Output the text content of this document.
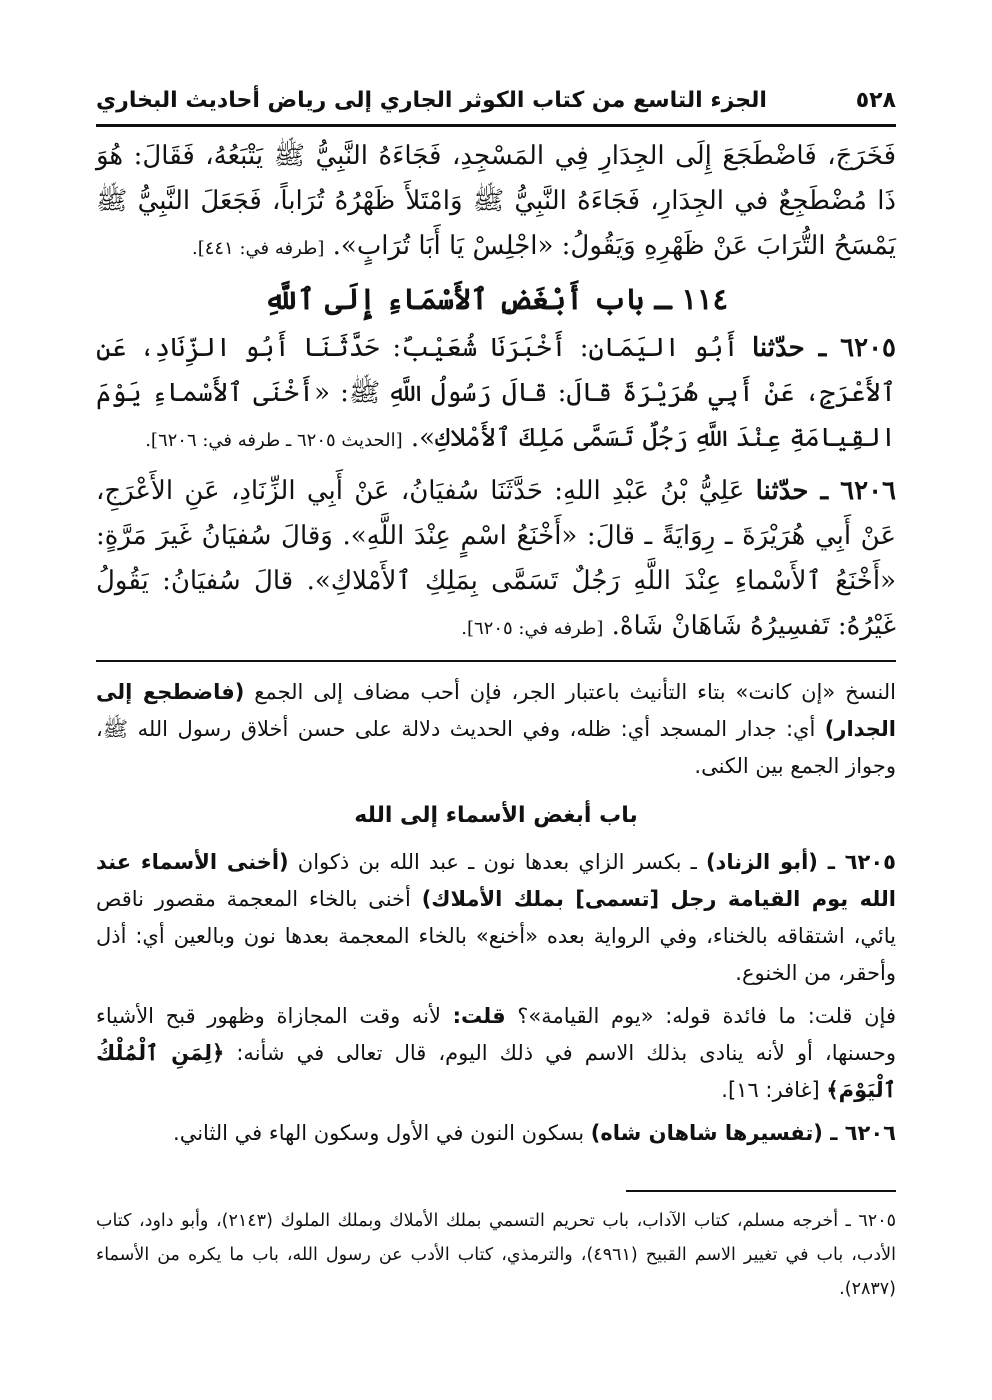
٥٢٨
الجزء التاسع من كتاب الكوثر الجاري إلى رياض أحاديث البخاري

فَخَرَجَ، فَاضْطَجَعَ إِلَى الجِدَارِ فِي المَسْجِدِ، فَجَاءَهُ النَّبِيُّ ﷺ يَتْبَعُهُ، فَقَالَ: هُوَ ذَا مُضْطَجِعٌ في الجِدَارِ، فَجَاءَهُ النَّبِيُّ ﷺ وَامْتَلأَ ظَهْرُهُ تُرَاباً، فَجَعَلَ النَّبِيُّ ﷺ يَمْسَحُ التُّرَابَ عَنْ ظَهْرِهِ وَيَقُولُ: «اجْلِسْ يَا أَبَا تُرَابٍ». [طرفه في: ٤٤١].

١١٤ ـ باب أَبْغَضِ ٱلأَسْمَاءِ إِلَى ٱللَّهِ

٦٢٠٥ ـ حدّثنا أَبُو اليَمَانِ: أَخْبَرَنَا شُعَيْبٌ: حَدَّثَنَا أَبُو الزِّنَادِ، عَنِ ٱلأَعْرَجِ، عَنْ أَبِي هُرَيْرَةَ قالَ: قالَ رَسُولُ اللَّهِ ﷺ: «أَخْنَى ٱلأَسْماءِ يَوْمَ القِيامَةِ عِنْدَ اللَّهِ رَجُلٌ تَسَمَّى مَلِكَ ٱلأَمْلاكِ». [الحديث ٦٢٠٥ ـ طرفه في: ٦٢٠٦].

٦٢٠٦ ـ حدّثنا عَلِيُّ بْنُ عَبْدِ اللهِ: حَدَّثَنَا سُفيَانُ، عَنْ أَبِي الزِّنَادِ، عَنِ الأَعْرَجِ، عَنْ أَبِي هُرَيْرَةَ ـ رِوَايَةً ـ قالَ: «أَخْنَعُ اسْمٍ عِنْدَ اللَّهِ». وَقالَ سُفيَانُ غَيرَ مَرَّةٍ: «أَخْنَعُ ٱلأَسْماءِ عِنْدَ اللَّهِ رَجُلٌ تَسَمَّى بِمَلِكِ ٱلأَمْلاكِ». قالَ سُفيَانُ: يَقُولُ غَيْرُهُ: تَفسِيرُهُ شَاهَانْ شَاهْ. [طرفه في: ٦٢٠٥].

النسخ «إن كانت» بتاء التأنيث باعتبار الجر، فإن أحب مضاف إلى الجمع (فاضطجع إلى الجدار) أي: جدار المسجد أي: ظله، وفي الحديث دلالة على حسن أخلاق رسول الله ﷺ، وجواز الجمع بين الكنى.

باب أبغض الأسماء إلى الله

٦٢٠٥ ـ (أبو الزناد) ـ بكسر الزاي بعدها نون ـ عبد الله بن ذكوان (أخنى الأسماء عند الله يوم القيامة رجل [تسمى] بملك الأملاك) أخنى بالخاء المعجمة مقصور ناقص يائي، اشتقاقه بالخناء، وفي الرواية بعده «أخنع» بالخاء المعجمة بعدها نون وبالعين أي: أذل وأحقر، من الخنوع.

فإن قلت: ما فائدة قوله: «يوم القيامة»؟ قلت: لأنه وقت المجازاة وظهور قبح الأشياء وحسنها، أو لأنه ينادى بذلك الاسم في ذلك اليوم، قال تعالى في شأنه: ﴿لِمَنِ ٱلْمُلْكُ ٱلْيَوْمَ﴾ [غافر: ١٦].

٦٢٠٦ ـ (تفسيرها شاهان شاه) بسكون النون في الأول وسكون الهاء في الثاني.

٦٢٠٥ ـ أخرجه مسلم، كتاب الآداب، باب تحريم التسمي بملك الأملاك وبملك الملوك (٢١٤٣)، وأبو داود، كتاب الأدب، باب في تغيير الاسم القبيح (٤٩٦١)، والترمذي، كتاب الأدب عن رسول الله، باب ما يكره من الأسماء (٢٨٣٧).
